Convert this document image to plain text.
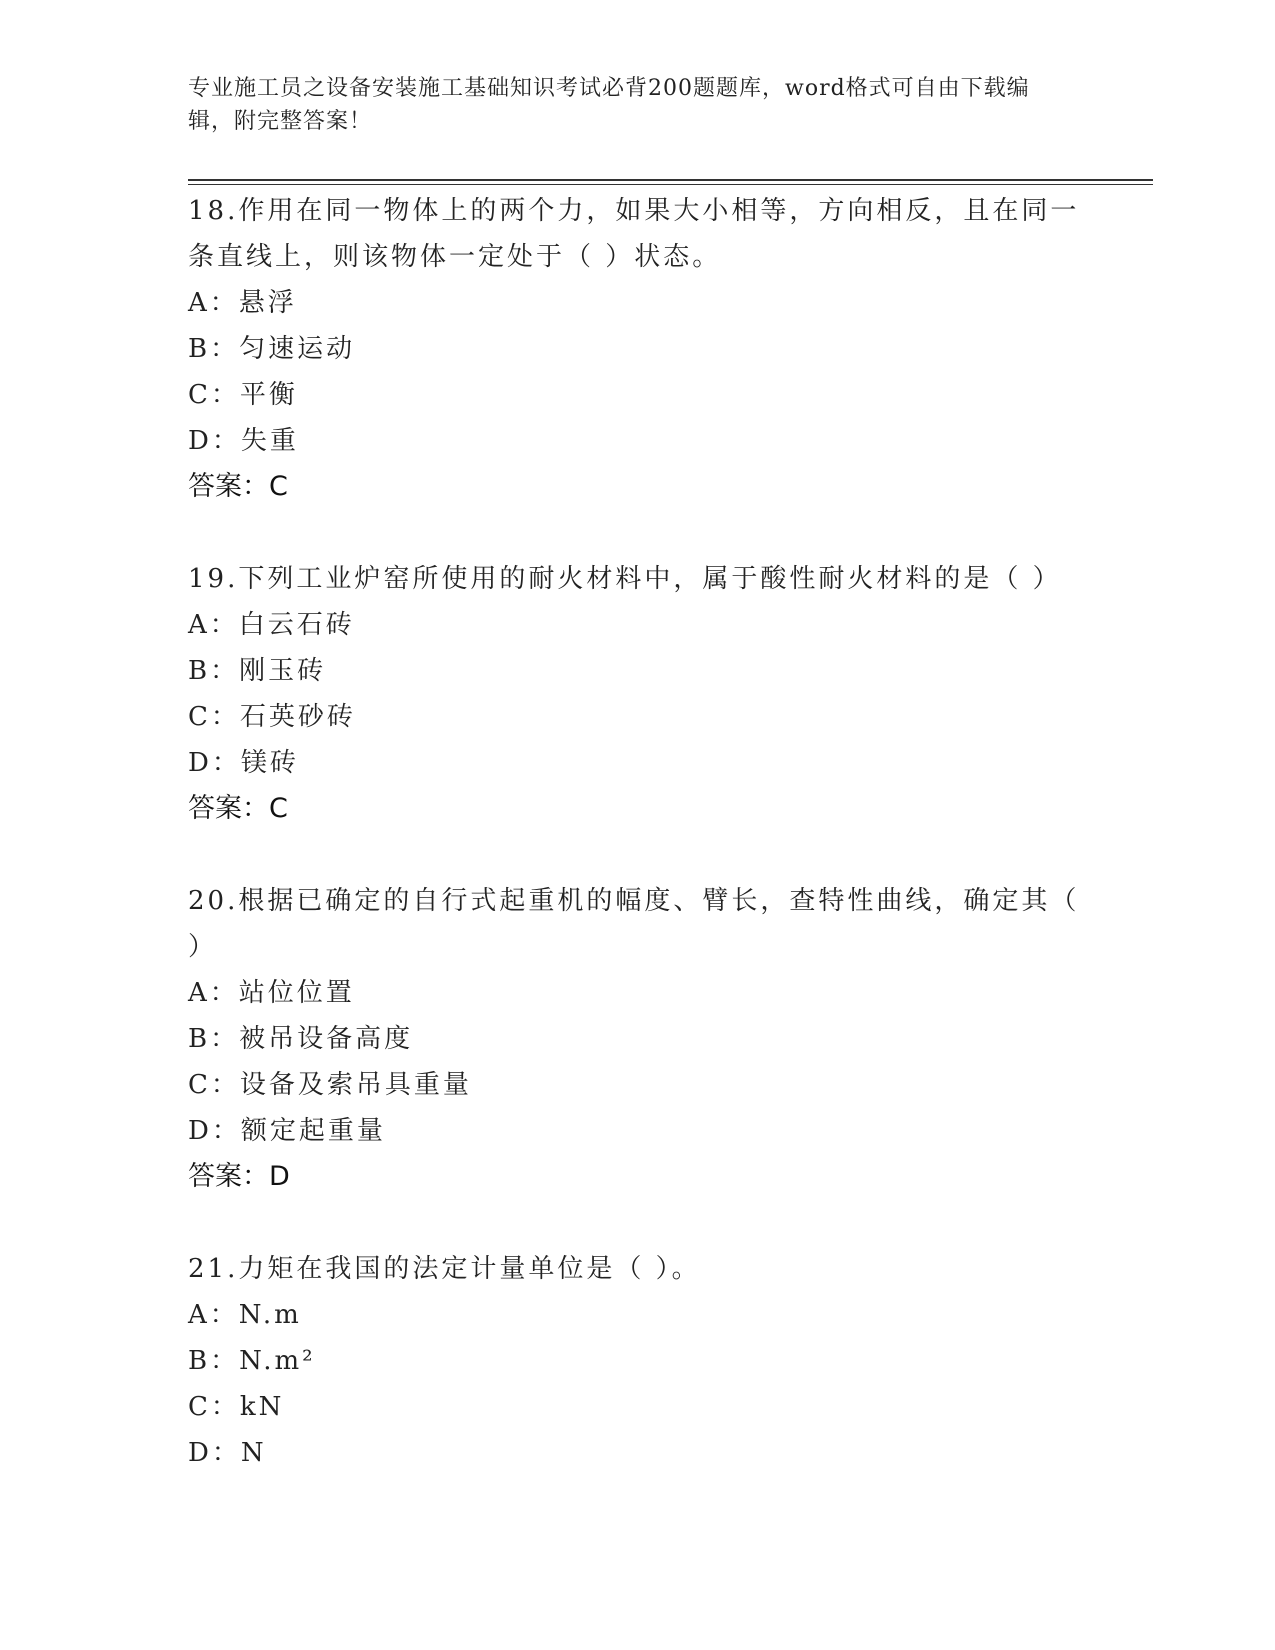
专业施工员之设备安装施工基础知识考试必背200题题库，word格式可自由下载编辑，附完整答案！
18.作用在同一物体上的两个力，如果大小相等，方向相反，且在同一条直线上，则该物体一定处于（ ）状态。
A：悬浮
B：匀速运动
C：平衡
D：失重
答案：C
19.下列工业炉窑所使用的耐火材料中，属于酸性耐火材料的是（ ）
A：白云石砖
B：刚玉砖
C：石英砂砖
D：镁砖
答案：C
20.根据已确定的自行式起重机的幅度、臂长，查特性曲线，确定其（ ）
A：站位位置
B：被吊设备高度
C：设备及索吊具重量
D：额定起重量
答案：D
21.力矩在我国的法定计量单位是（ ）。
A：N.m
B：N.m²
C：kN
D：N
